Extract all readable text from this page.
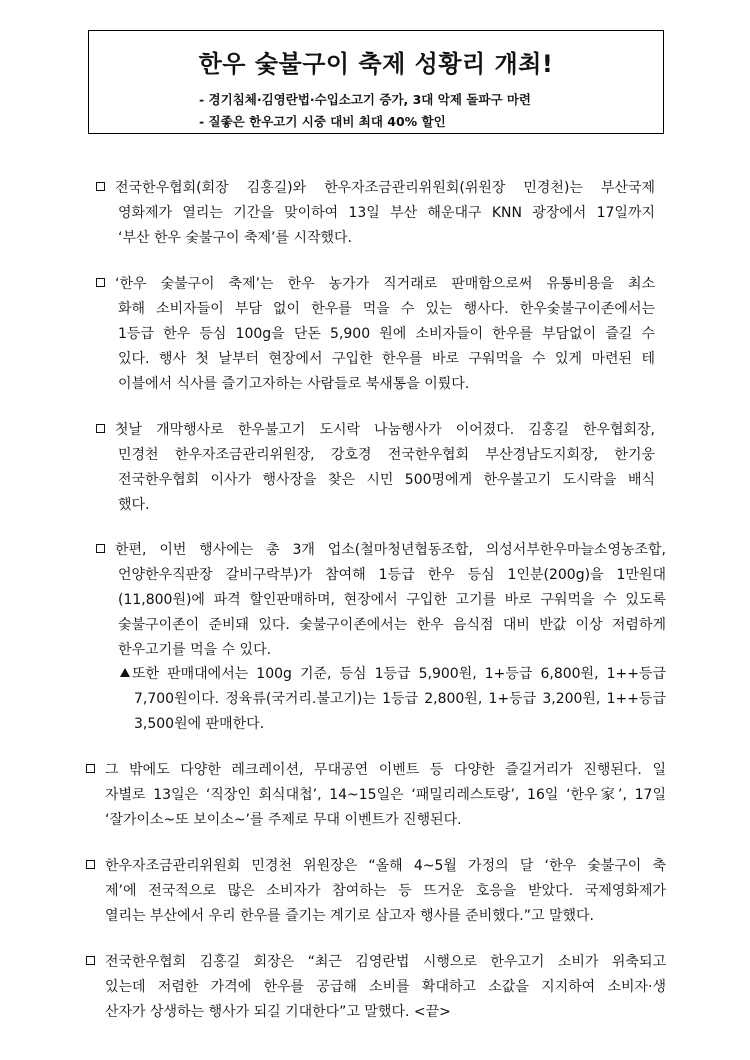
한우 숯불구이 축제 성황리 개최!
- 경기침체·김영란법·수입소고기 증가, 3대 악제 돌파구 마련
- 질좋은 한우고기 시중 대비 최대 40% 할인
전국한우협회(회장 김홍길)와 한우자조금관리위원회(위원장 민경천)는 부산국제
영화제가 열리는 기간을 맞이하여 13일 부산 해운대구 KNN 광장에서 17일까지
‘부산 한우 숯불구이 축제’를 시작했다.
‘한우 숯불구이 축제’는 한우 농가가 직거래로 판매함으로써 유통비용을 최소
화해 소비자들이 부담 없이 한우를 먹을 수 있는 행사다. 한우숯불구이존에서는
1등급 한우 등심 100g을 단돈 5,900 원에 소비자들이 한우를 부담없이 즐길 수
있다. 행사 첫 날부터 현장에서 구입한 한우를 바로 구워먹을 수 있게 마련된 테
이블에서 식사를 즐기고자하는 사람들로 북새통을 이뤘다.
첫날 개막행사로 한우불고기 도시락 나눔행사가 이어졌다. 김홍길 한우협회장,
민경천 한우자조금관리위원장, 강호경 전국한우협회 부산경남도지회장, 한기웅
전국한우협회 이사가 행사장을 찾은 시민 500명에게 한우불고기 도시락을 배식
했다.
한편, 이번 행사에는 총 3개 업소(철마청년협동조합, 의성서부한우마늘소영농조합,
언양한우직판장 갈비구락부)가 참여해 1등급 한우 등심 1인분(200g)을 1만원대
(11,800원)에 파격 할인판매하며, 현장에서 구입한 고기를 바로 구워먹을 수 있도록
숯불구이존이 준비돼 있다. 숯불구이존에서는 한우 음식점 대비 반값 이상 저렴하게
한우고기를 먹을 수 있다.
또한 판매대에서는 100g 기준, 등심 1등급 5,900원, 1+등급 6,800원, 1++등급
7,700원이다. 정육류(국거리.불고기)는 1등급 2,800원, 1+등급 3,200원, 1++등급
3,500원에 판매한다.
그 밖에도 다양한 레크레이션, 무대공연 이벤트 등 다양한 즐길거리가 진행된다. 일
자별로 13일은 ‘직장인 회식대첩’, 14~15일은 ‘패밀리레스토랑’, 16일 ‘한우家’, 17일
‘잘가이소~또 보이소~’를 주제로 무대 이벤트가 진행된다.
한우자조금관리위원회 민경천 위원장은 “올해 4~5월 가정의 달 ‘한우 숯불구이 축
제’에 전국적으로 많은 소비자가 참여하는 등 뜨거운 호응을 받았다. 국제영화제가
열리는 부산에서 우리 한우를 즐기는 계기로 삼고자 행사를 준비했다.”고 말했다.
전국한우협회 김홍길 회장은 “최근 김영란법 시행으로 한우고기 소비가 위축되고
있는데 저렴한 가격에 한우를 공급해 소비를 확대하고 소값을 지지하여 소비자·생
산자가 상생하는 행사가 되길 기대한다”고 말했다. <끝>
